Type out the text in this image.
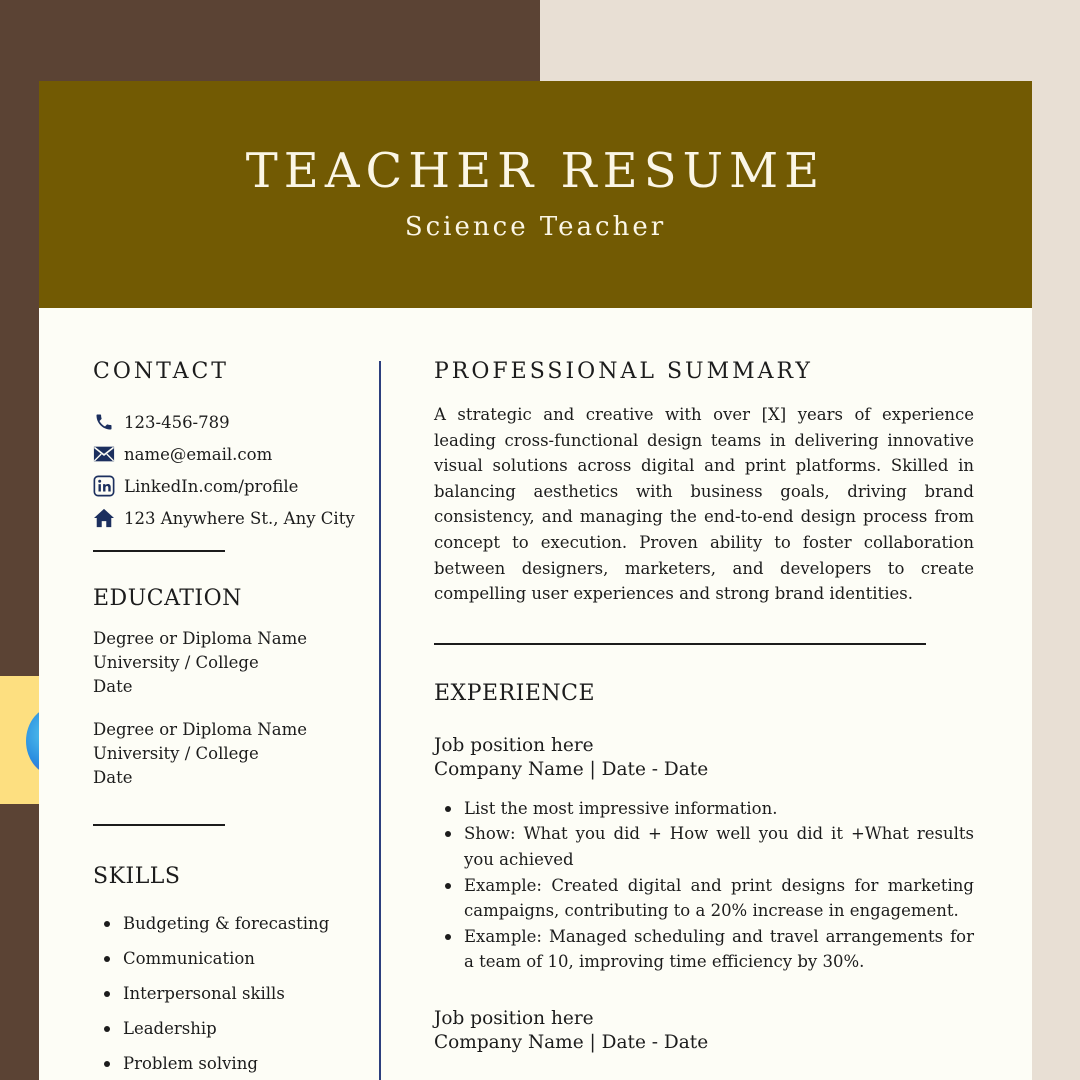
TEACHER RESUME
Science Teacher
CONTACT
123-456-789
name@email.com
LinkedIn.com/profile
123 Anywhere St., Any City
EDUCATION
Degree or Diploma Name
University / College
Date
Degree or Diploma Name
University / College
Date
SKILLS
Budgeting & forecasting
Communication
Interpersonal skills
Leadership
Problem solving
PROFESSIONAL SUMMARY

A strategic and creative with over [X] years of experience leading cross-functional design teams in delivering innovative visual solutions across digital and print platforms. Skilled in balancing aesthetics with business goals, driving brand consistency, and managing the end-to-end design process from concept to execution. Proven ability to foster collaboration between designers, marketers, and developers to create compelling user experiences and strong brand identities.

EXPERIENCE
Job position here
Company Name | Date - Date
List the most impressive information.
Show: What you did + How well you did it +What results you achieved
Example: Created digital and print designs for marketing campaigns, contributing to a 20% increase in engagement.
Example: Managed scheduling and travel arrangements for a team of 10, improving time efficiency by 30%.
Job position here
Company Name | Date - Date
